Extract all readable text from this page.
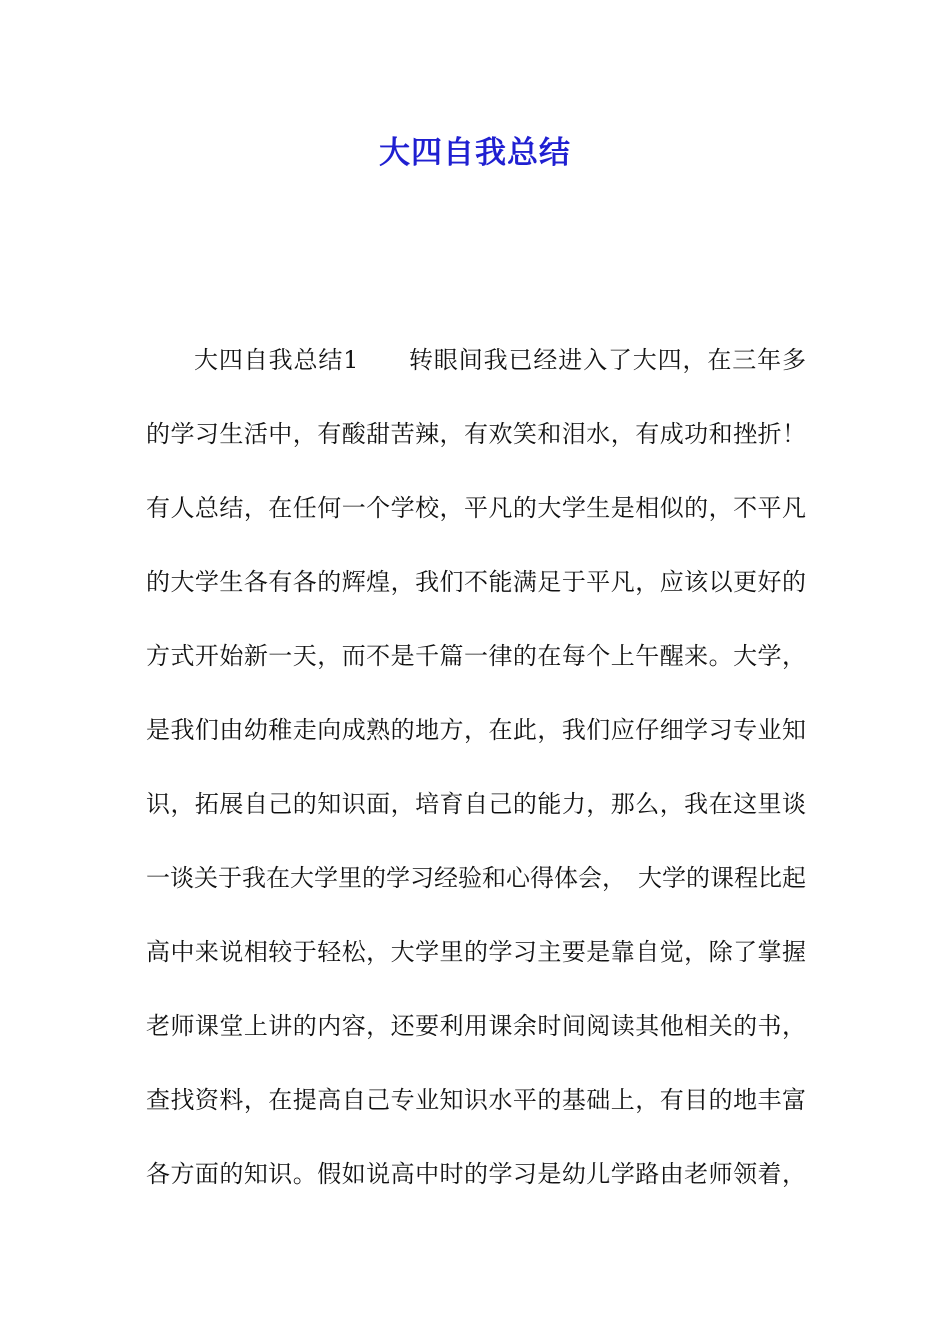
大四自我总结
大四自我总结1　　转眼间我已经进入了大四，在三年多
的学习生活中，有酸甜苦辣，有欢笑和泪水，有成功和挫折！
有人总结，在任何一个学校，平凡的大学生是相似的，不平凡
的大学生各有各的辉煌，我们不能满足于平凡，应该以更好的
方式开始新一天，而不是千篇一律的在每个上午醒来。大学，
是我们由幼稚走向成熟的地方，在此，我们应仔细学习专业知
识，拓展自己的知识面，培育自己的能力，那么，我在这里谈
一谈关于我在大学里的学习经验和心得体会，　大学的课程比起
高中来说相较于轻松，大学里的学习主要是靠自觉，除了掌握
老师课堂上讲的内容，还要利用课余时间阅读其他相关的书，
查找资料，在提高自己专业知识水平的基础上，有目的地丰富
各方面的知识。假如说高中时的学习是幼儿学路由老师领着，
